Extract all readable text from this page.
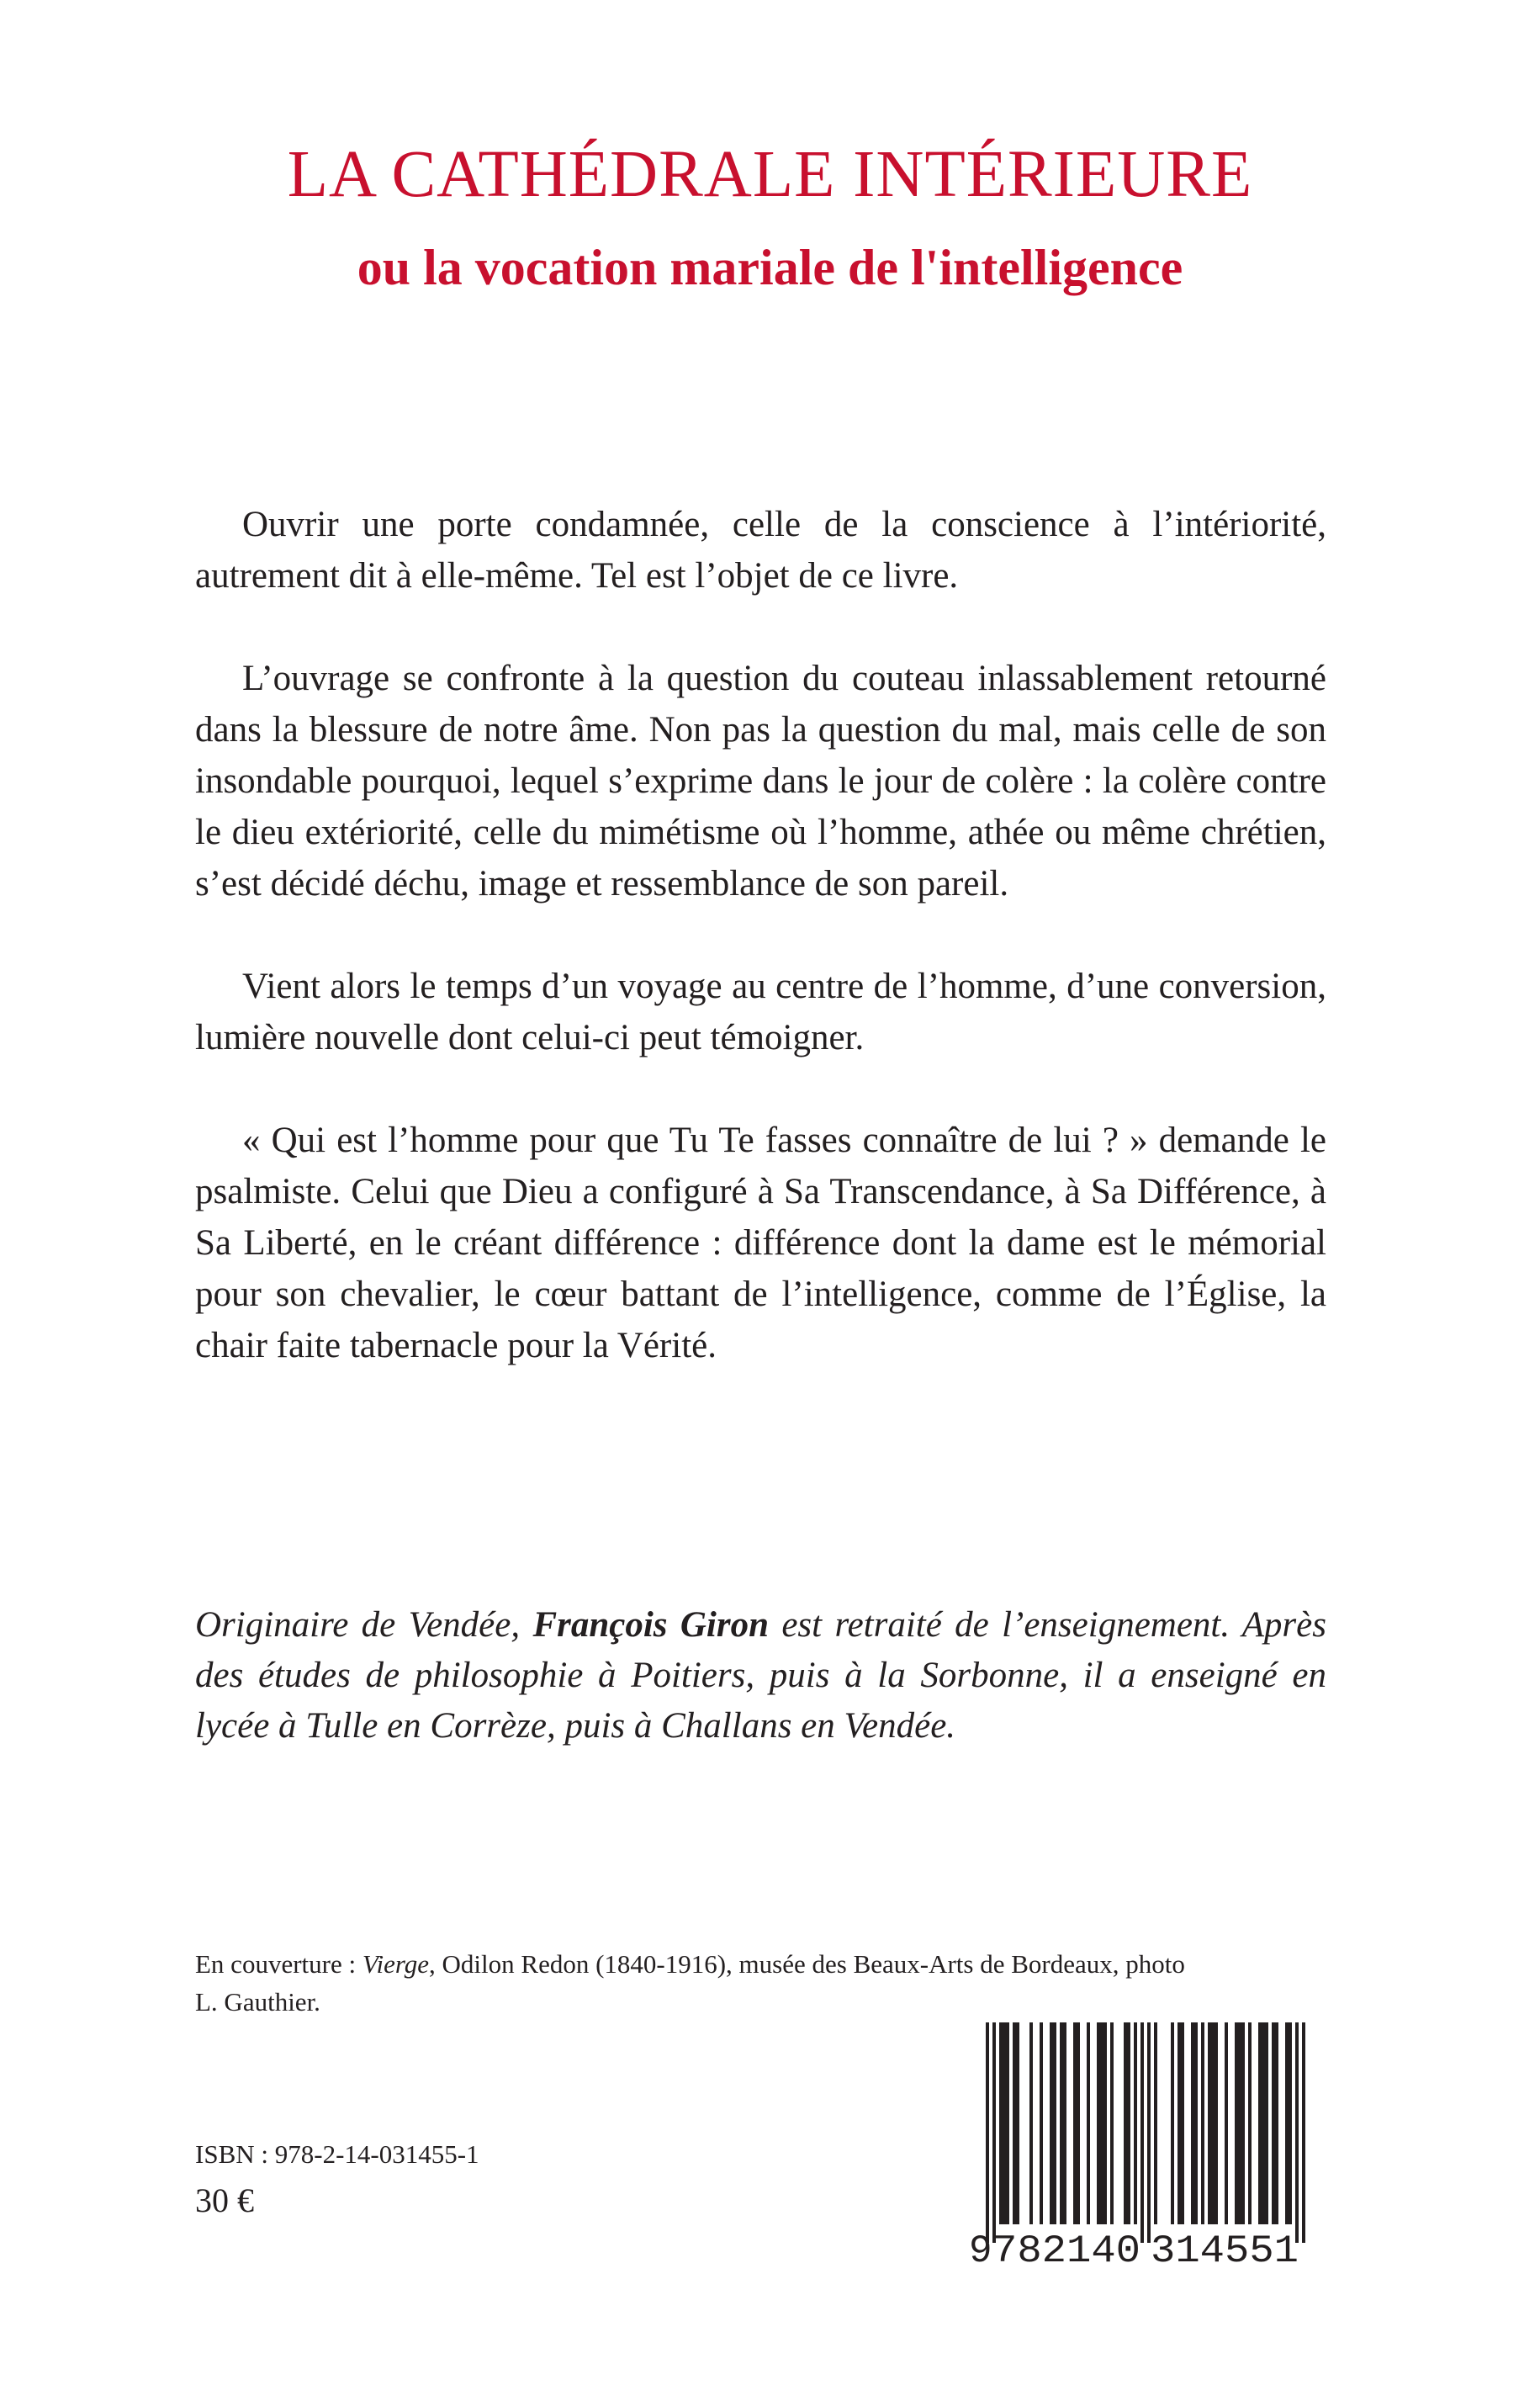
LA CATHÉDRALE INTÉRIEURE
ou la vocation mariale de l'intelligence

Ouvrir une porte condamnée, celle de la conscience à l’intériorité, autrement dit à elle-même. Tel est l’objet de ce livre.

L’ouvrage se confronte à la question du couteau inlassablement retourné dans la blessure de notre âme. Non pas la question du mal, mais celle de son insondable pourquoi, lequel s’exprime dans le jour de colère : la colère contre le dieu extériorité, celle du mimétisme où l’homme, athée ou même chrétien, s’est décidé déchu, image et ressemblance de son pareil.

Vient alors le temps d’un voyage au centre de l’homme, d’une conversion, lumière nouvelle dont celui-ci peut témoigner.

« Qui est l’homme pour que Tu Te fasses connaître de lui ? » demande le psalmiste. Celui que Dieu a configuré à Sa Transcendance, à Sa Différence, à Sa Liberté, en le créant différence : différence dont la dame est le mémorial pour son chevalier, le cœur battant de l’intelligence, comme de l’Église, la chair faite tabernacle pour la Vérité.

Originaire de Vendée, François Giron est retraité de l’enseignement. Après des études de philosophie à Poitiers, puis à la Sorbonne, il a enseigné en lycée à Tulle en Corrèze, puis à Challans en Vendée.

En couverture : Vierge, Odilon Redon (1840-1916), musée des Beaux-Arts de Bordeaux, photo L. Gauthier.

ISBN : 978-2-14-031455-1
30 €
9 782140 314551
